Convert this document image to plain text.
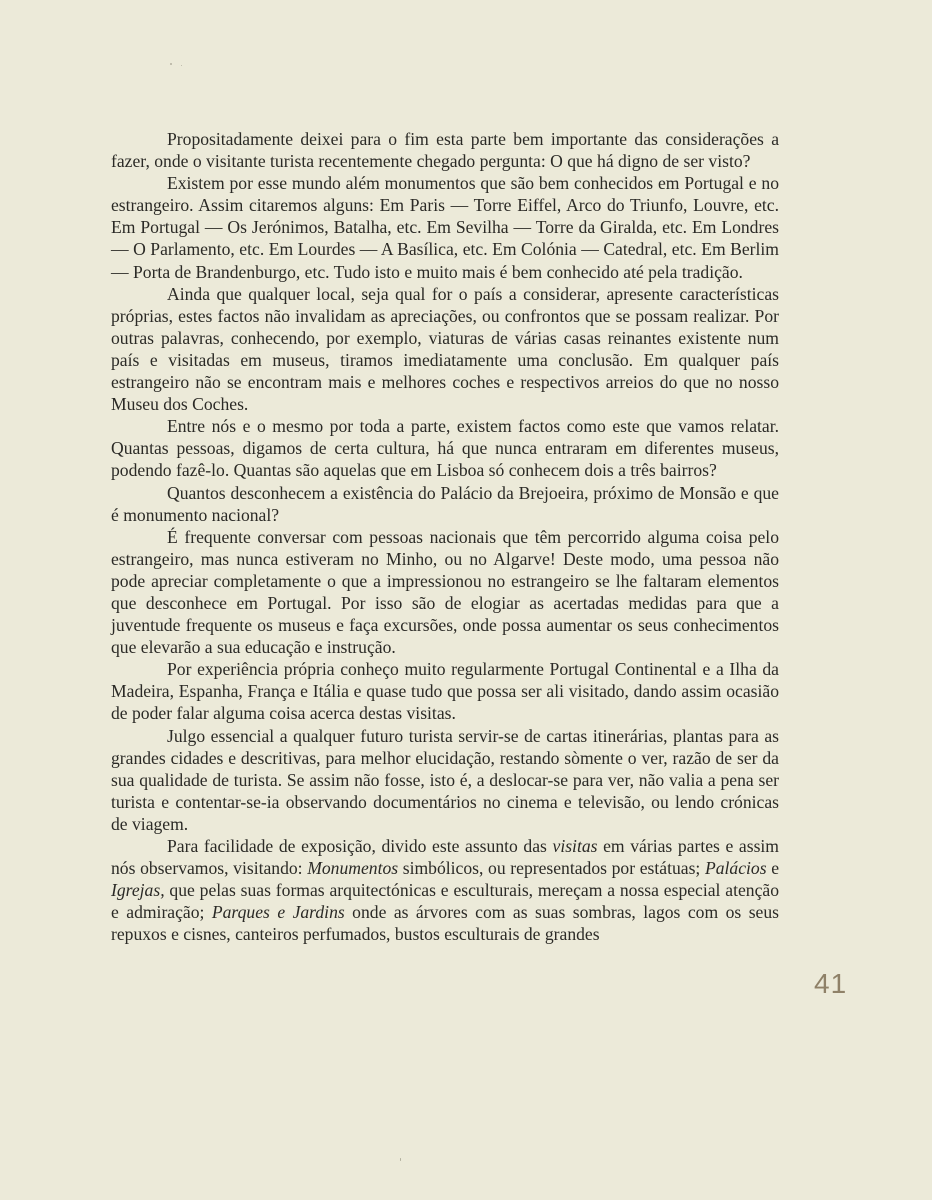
Propositadamente deixei para o fim esta parte bem importante das considerações a fazer, onde o visitante turista recentemente chegado pergunta: O que há digno de ser visto?

Existem por esse mundo além monumentos que são bem conhecidos em Portugal e no estrangeiro. Assim citaremos alguns: Em Paris — Torre Eiffel, Arco do Triunfo, Louvre, etc. Em Portugal — Os Jerónimos, Batalha, etc. Em Sevilha — Torre da Giralda, etc. Em Londres — O Parlamento, etc. Em Lourdes — A Basílica, etc. Em Colónia — Catedral, etc. Em Berlim — Porta de Brandenburgo, etc. Tudo isto e muito mais é bem conhecido até pela tradição.

Ainda que qualquer local, seja qual for o país a considerar, apresente características próprias, estes factos não invalidam as apreciações, ou confrontos que se possam realizar. Por outras palavras, conhecendo, por exemplo, viaturas de várias casas reinantes existente num país e visitadas em museus, tiramos imediatamente uma conclusão. Em qualquer país estrangeiro não se encontram mais e melhores coches e respectivos arreios do que no nosso Museu dos Coches.

Entre nós e o mesmo por toda a parte, existem factos como este que vamos relatar. Quantas pessoas, digamos de certa cultura, há que nunca entraram em diferentes museus, podendo fazê-lo. Quantas são aquelas que em Lisboa só conhecem dois a três bairros?

Quantos desconhecem a existência do Palácio da Brejoeira, próximo de Monsão e que é monumento nacional?

É frequente conversar com pessoas nacionais que têm percorrido alguma coisa pelo estrangeiro, mas nunca estiveram no Minho, ou no Algarve! Deste modo, uma pessoa não pode apreciar completamente o que a impressionou no estrangeiro se lhe faltaram elementos que desconhece em Portugal. Por isso são de elogiar as acertadas medidas para que a juventude frequente os museus e faça excursões, onde possa aumentar os seus conhecimentos que elevarão a sua educação e instrução.

Por experiência própria conheço muito regularmente Portugal Continental e a Ilha da Madeira, Espanha, França e Itália e quase tudo que possa ser ali visitado, dando assim ocasião de poder falar alguma coisa acerca destas visitas.

Julgo essencial a qualquer futuro turista servir-se de cartas itinerárias, plantas para as grandes cidades e descritivas, para melhor elucidação, restando sòmente o ver, razão de ser da sua qualidade de turista. Se assim não fosse, isto é, a deslocar-se para ver, não valia a pena ser turista e contentar-se-ia observando documentários no cinema e televisão, ou lendo crónicas de viagem.

Para facilidade de exposição, divido este assunto das visitas em várias partes e assim nós observamos, visitando: Monumentos simbólicos, ou representados por estátuas; Palácios e Igrejas, que pelas suas formas arquitectónicas e esculturais, mereçam a nossa especial atenção e admiração; Parques e Jardins onde as árvores com as suas sombras, lagos com os seus repuxos e cisnes, canteiros perfumados, bustos esculturais de grandes

41
